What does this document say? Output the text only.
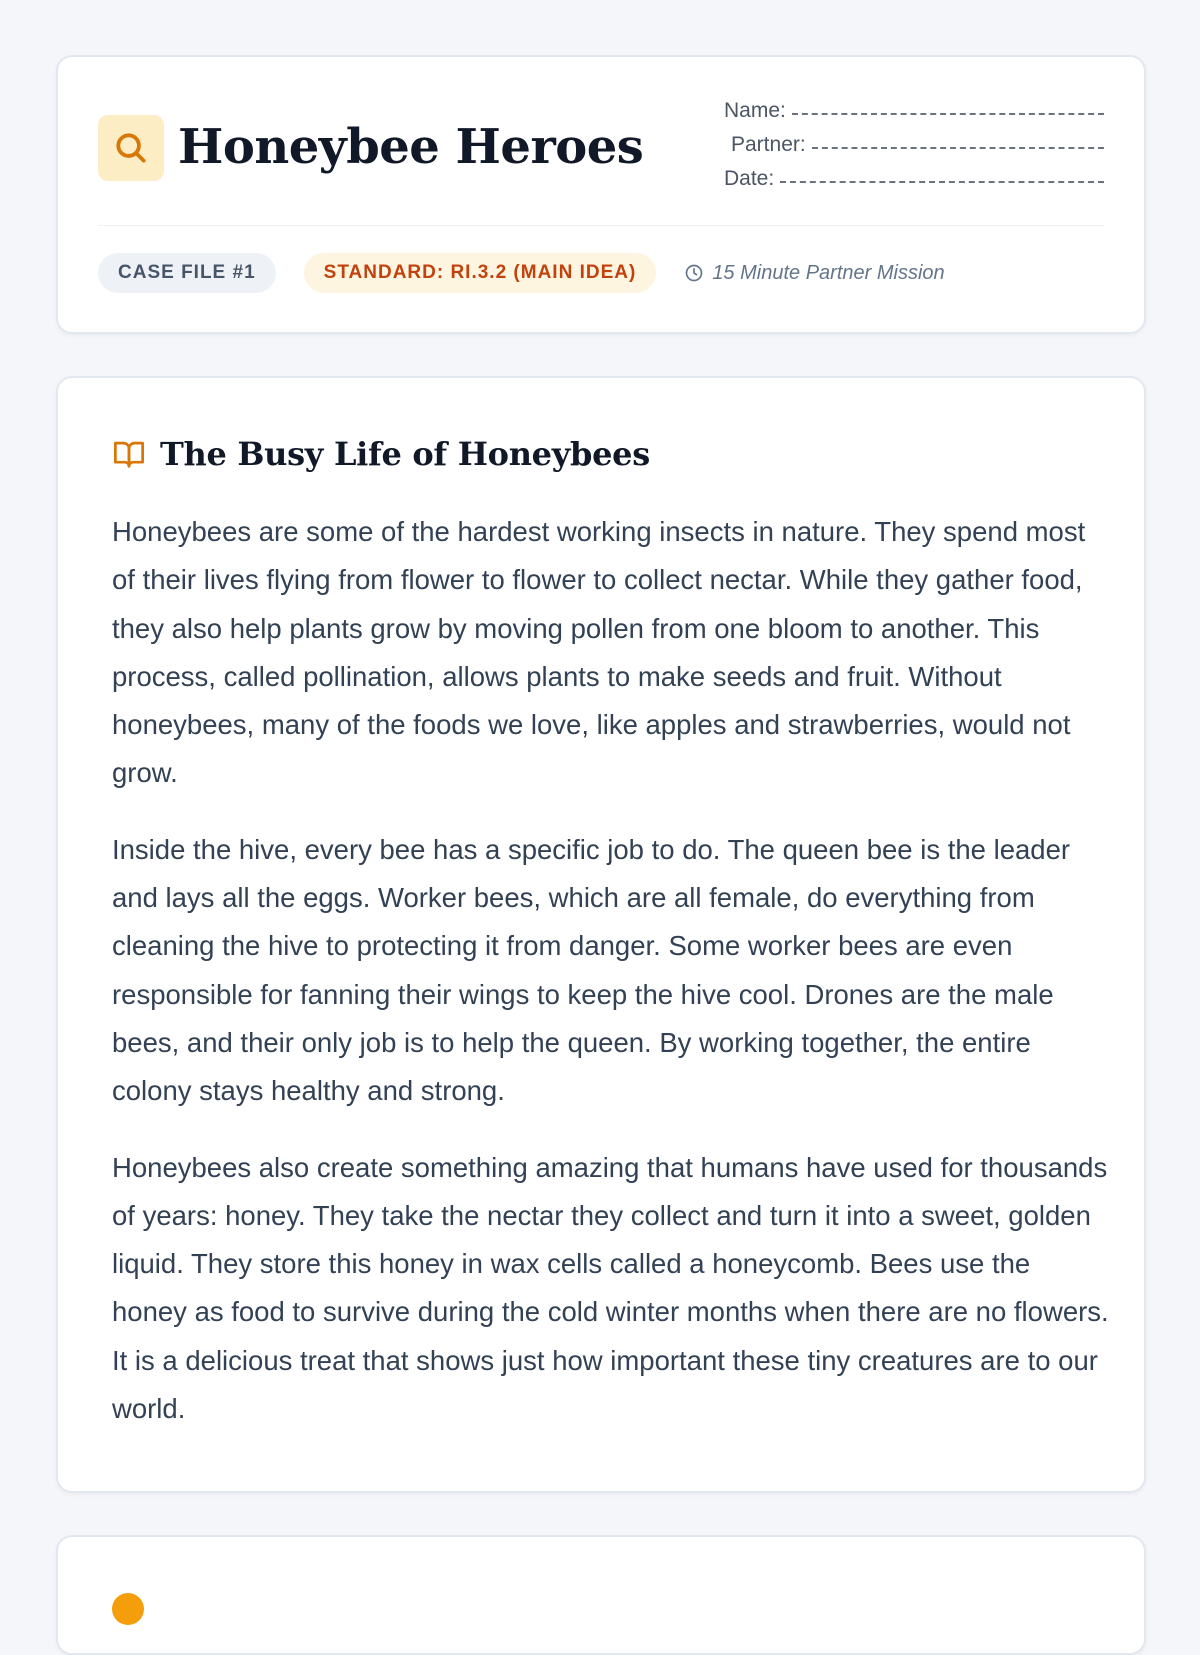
Honeybee Heroes
Name:
Partner:
Date:
CASE FILE #1	STANDARD: RI.3.2 (MAIN IDEA)	15 Minute Partner Mission
The Busy Life of Honeybees

Honeybees are some of the hardest working insects in nature. They spend most of their lives flying from flower to flower to collect nectar. While they gather food, they also help plants grow by moving pollen from one bloom to another. This process, called pollination, allows plants to make seeds and fruit. Without honeybees, many of the foods we love, like apples and strawberries, would not grow.

Inside the hive, every bee has a specific job to do. The queen bee is the leader and lays all the eggs. Worker bees, which are all female, do everything from cleaning the hive to protecting it from danger. Some worker bees are even responsible for fanning their wings to keep the hive cool. Drones are the male bees, and their only job is to help the queen. By working together, the entire colony stays healthy and strong.

Honeybees also create something amazing that humans have used for thousands of years: honey. They take the nectar they collect and turn it into a sweet, golden liquid. They store this honey in wax cells called a honeycomb. Bees use the honey as food to survive during the cold winter months when there are no flowers. It is a delicious treat that shows just how important these tiny creatures are to our world.
